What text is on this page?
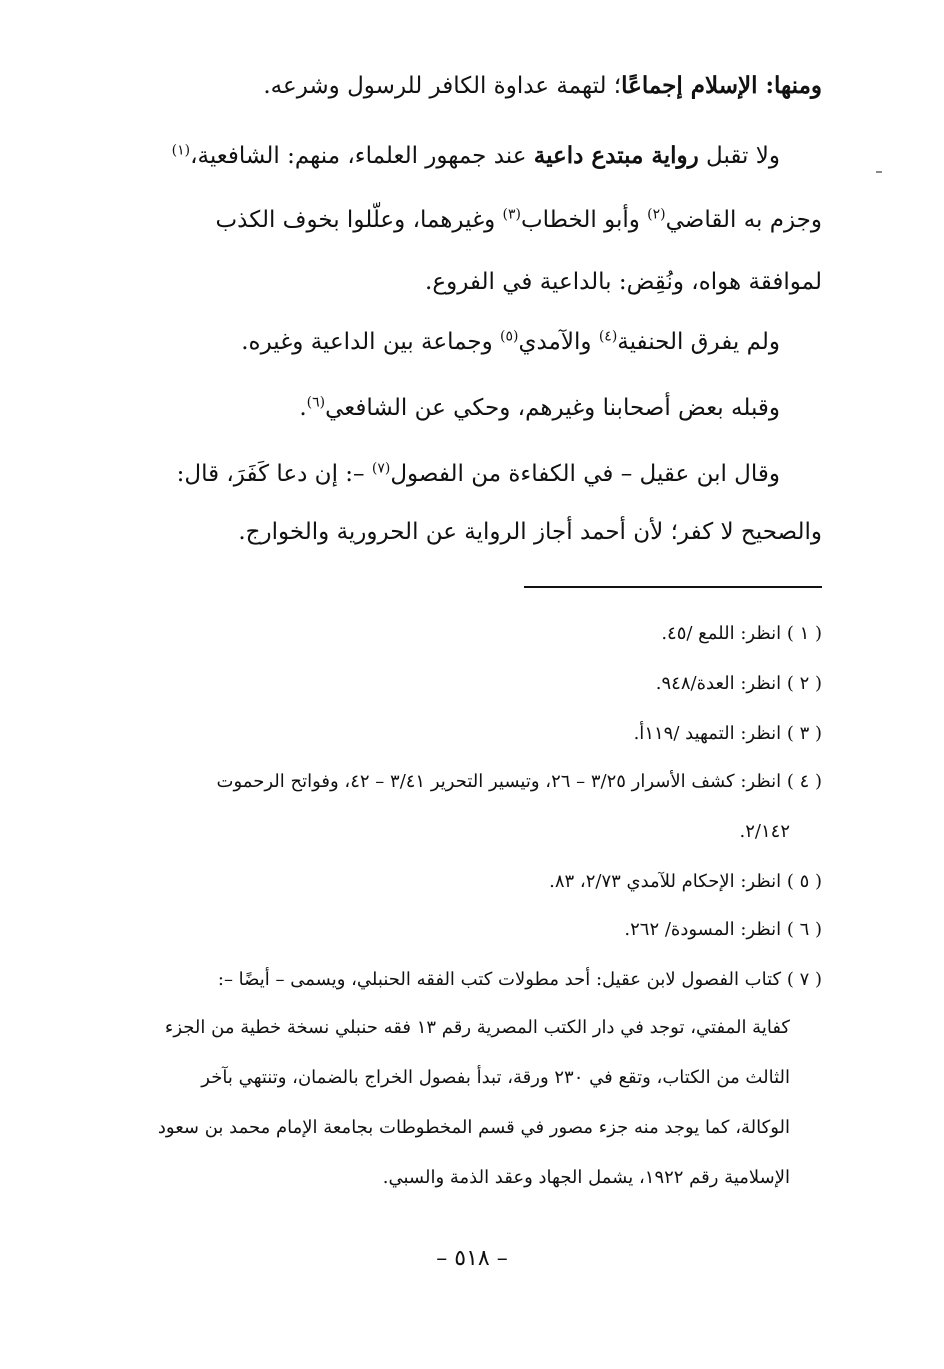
ومنها: الإسلام إجماعًا؛ لتهمة عداوة الكافر للرسول وشرعه.
ولا تقبل رواية مبتدع داعية عند جمهور العلماء، منهم: الشافعية،$^{(١)}$
وجزم به القاضي$^{(٢)}$ وأبو الخطاب$^{(٣)}$ وغيرهما، وعلّلوا بخوف الكذب
لموافقة هواه، ونُقِض: بالداعية في الفروع.
ولم يفرق الحنفية$^{(٤)}$ والآمدي$^{(٥)}$ وجماعة بين الداعية وغيره.
وقبله بعض أصحابنا وغيرهم، وحكي عن الشافعي$^{(٦)}$.
وقال ابن عقيل – في الكفاءة من الفصول$^{(٧)}$ –: إن دعا كَفَرَ، قال:
والصحيح لا كفر؛ لأن أحمد أجاز الرواية عن الحرورية والخوارج.
( ١ ) انظر: اللمع /٤٥.
( ٢ ) انظر: العدة/٩٤٨.
( ٣ ) انظر: التمهيد /١١٩أ.
( ٤ ) انظر: كشف الأسرار ٣/٢٥ – ٢٦، وتيسير التحرير ٣/٤١ – ٤٢، وفواتح الرحموت
٢/١٤٢.
( ٥ ) انظر: الإحكام للآمدي ٢/٧٣، ٨٣.
( ٦ ) انظر: المسودة/ ٢٦٢.
( ٧ ) كتاب الفصول لابن عقيل: أحد مطولات كتب الفقه الحنبلي، ويسمى – أيضًا –:
كفاية المفتي، توجد في دار الكتب المصرية رقم ١٣ فقه حنبلي نسخة خطية من الجزء
الثالث من الكتاب، وتقع في ٢٣٠ ورقة، تبدأ بفصول الخراج بالضمان، وتنتهي بآخر
الوكالة، كما يوجد منه جزء مصور في قسم المخطوطات بجامعة الإمام محمد بن سعود
الإسلامية رقم ١٩٢٢، يشمل الجهاد وعقد الذمة والسبي.
– ٥١٨ –
